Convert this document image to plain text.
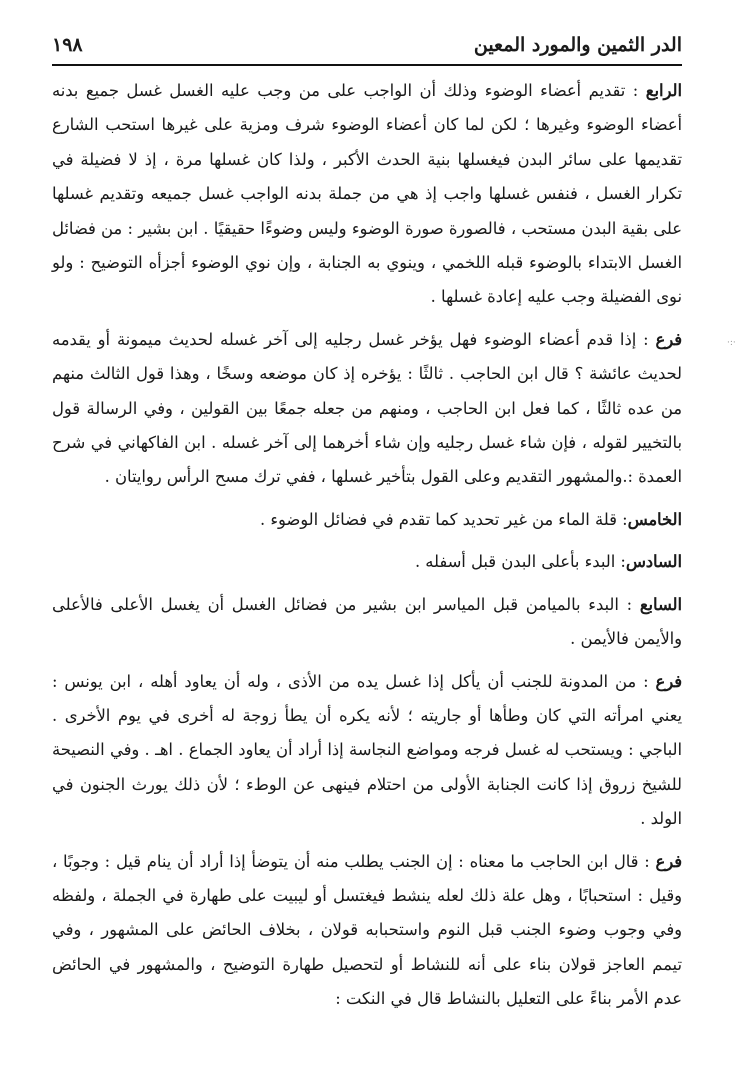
الدر الثمين والمورد المعين
١٩٨

الرابع : تقديم أعضاء الوضوء وذلك أن الواجب على من وجب عليه الغسل غسل جميع بدنه أعضاء الوضوء وغيرها ؛ لكن لما كان أعضاء الوضوء شرف ومزية على غيرها استحب الشارع تقديمها على سائر البدن فيغسلها بنية الحدث الأكبر ، ولذا كان غسلها مرة ، إذ لا فضيلة في تكرار الغسل ، فنفس غسلها واجب إذ هي من جملة بدنه الواجب غسل جميعه وتقديم غسلها على بقية البدن مستحب ، فالصورة صورة الوضوء وليس وضوءًا حقيقيًا . ابن بشير : من فضائل الغسل الابتداء بالوضوء قبله اللخمي ، وينوي به الجنابة ، وإن نوي الوضوء أجزأه التوضيح : ولو نوى الفضيلة وجب عليه إعادة غسلها .

فرع : إذا قدم أعضاء الوضوء فهل يؤخر غسل رجليه إلى آخر غسله لحديث ميمونة أو يقدمه لحديث عائشة ؟ قال ابن الحاجب . ثالثًا : يؤخره إذ كان موضعه وسخًا ، وهذا قول الثالث منهم من عده ثالثًا ، كما فعل ابن الحاجب ، ومنهم من جعله جمعًا بين القولين ، وفي الرسالة قول بالتخيير لقوله ، فإن شاء غسل رجليه وإن شاء أخرهما إلى آخر غسله . ابن الفاكهاني في شرح العمدة :.والمشهور التقديم وعلى القول بتأخير غسلها ، ففي ترك مسح الرأس روايتان .

الخامس: قلة الماء من غير تحديد كما تقدم في فضائل الوضوء .

السادس: البدء بأعلى البدن قبل أسفله .

السابع : البدء بالميامن قبل المياسر ابن بشير من فضائل الغسل أن يغسل الأعلى فالأعلى والأيمن فالأيمن .

فرع : من المدونة للجنب أن يأكل إذا غسل يده من الأذى ، وله أن يعاود أهله ، ابن يونس : يعني امرأته التي كان وطأها أو جاريته ؛ لأنه يكره أن يطأ زوجة له أخرى في يوم الأخرى . الباجي : ويستحب له غسل فرجه ومواضع النجاسة إذا أراد أن يعاود الجماع . اهـ . وفي النصيحة للشيخ زروق إذا كانت الجنابة الأولى من احتلام فينهى عن الوطء ؛ لأن ذلك يورث الجنون في الولد .

فرع : قال ابن الحاجب ما معناه : إن الجنب يطلب منه أن يتوضأ إذا أراد أن ينام قيل : وجوبًا ، وقيل : استحبابًا ، وهل علة ذلك لعله ينشط فيغتسل أو ليبيت على طهارة في الجملة ، ولفظه وفي وجوب وضوء الجنب قبل النوم واستحبابه قولان ، بخلاف الحائض على المشهور ، وفي تيمم العاجز قولان بناء على أنه للنشاط أو لتحصيل طهارة التوضيح ، والمشهور في الحائض عدم الأمر بناءً على التعليل بالنشاط قال في النكت :

·:·
